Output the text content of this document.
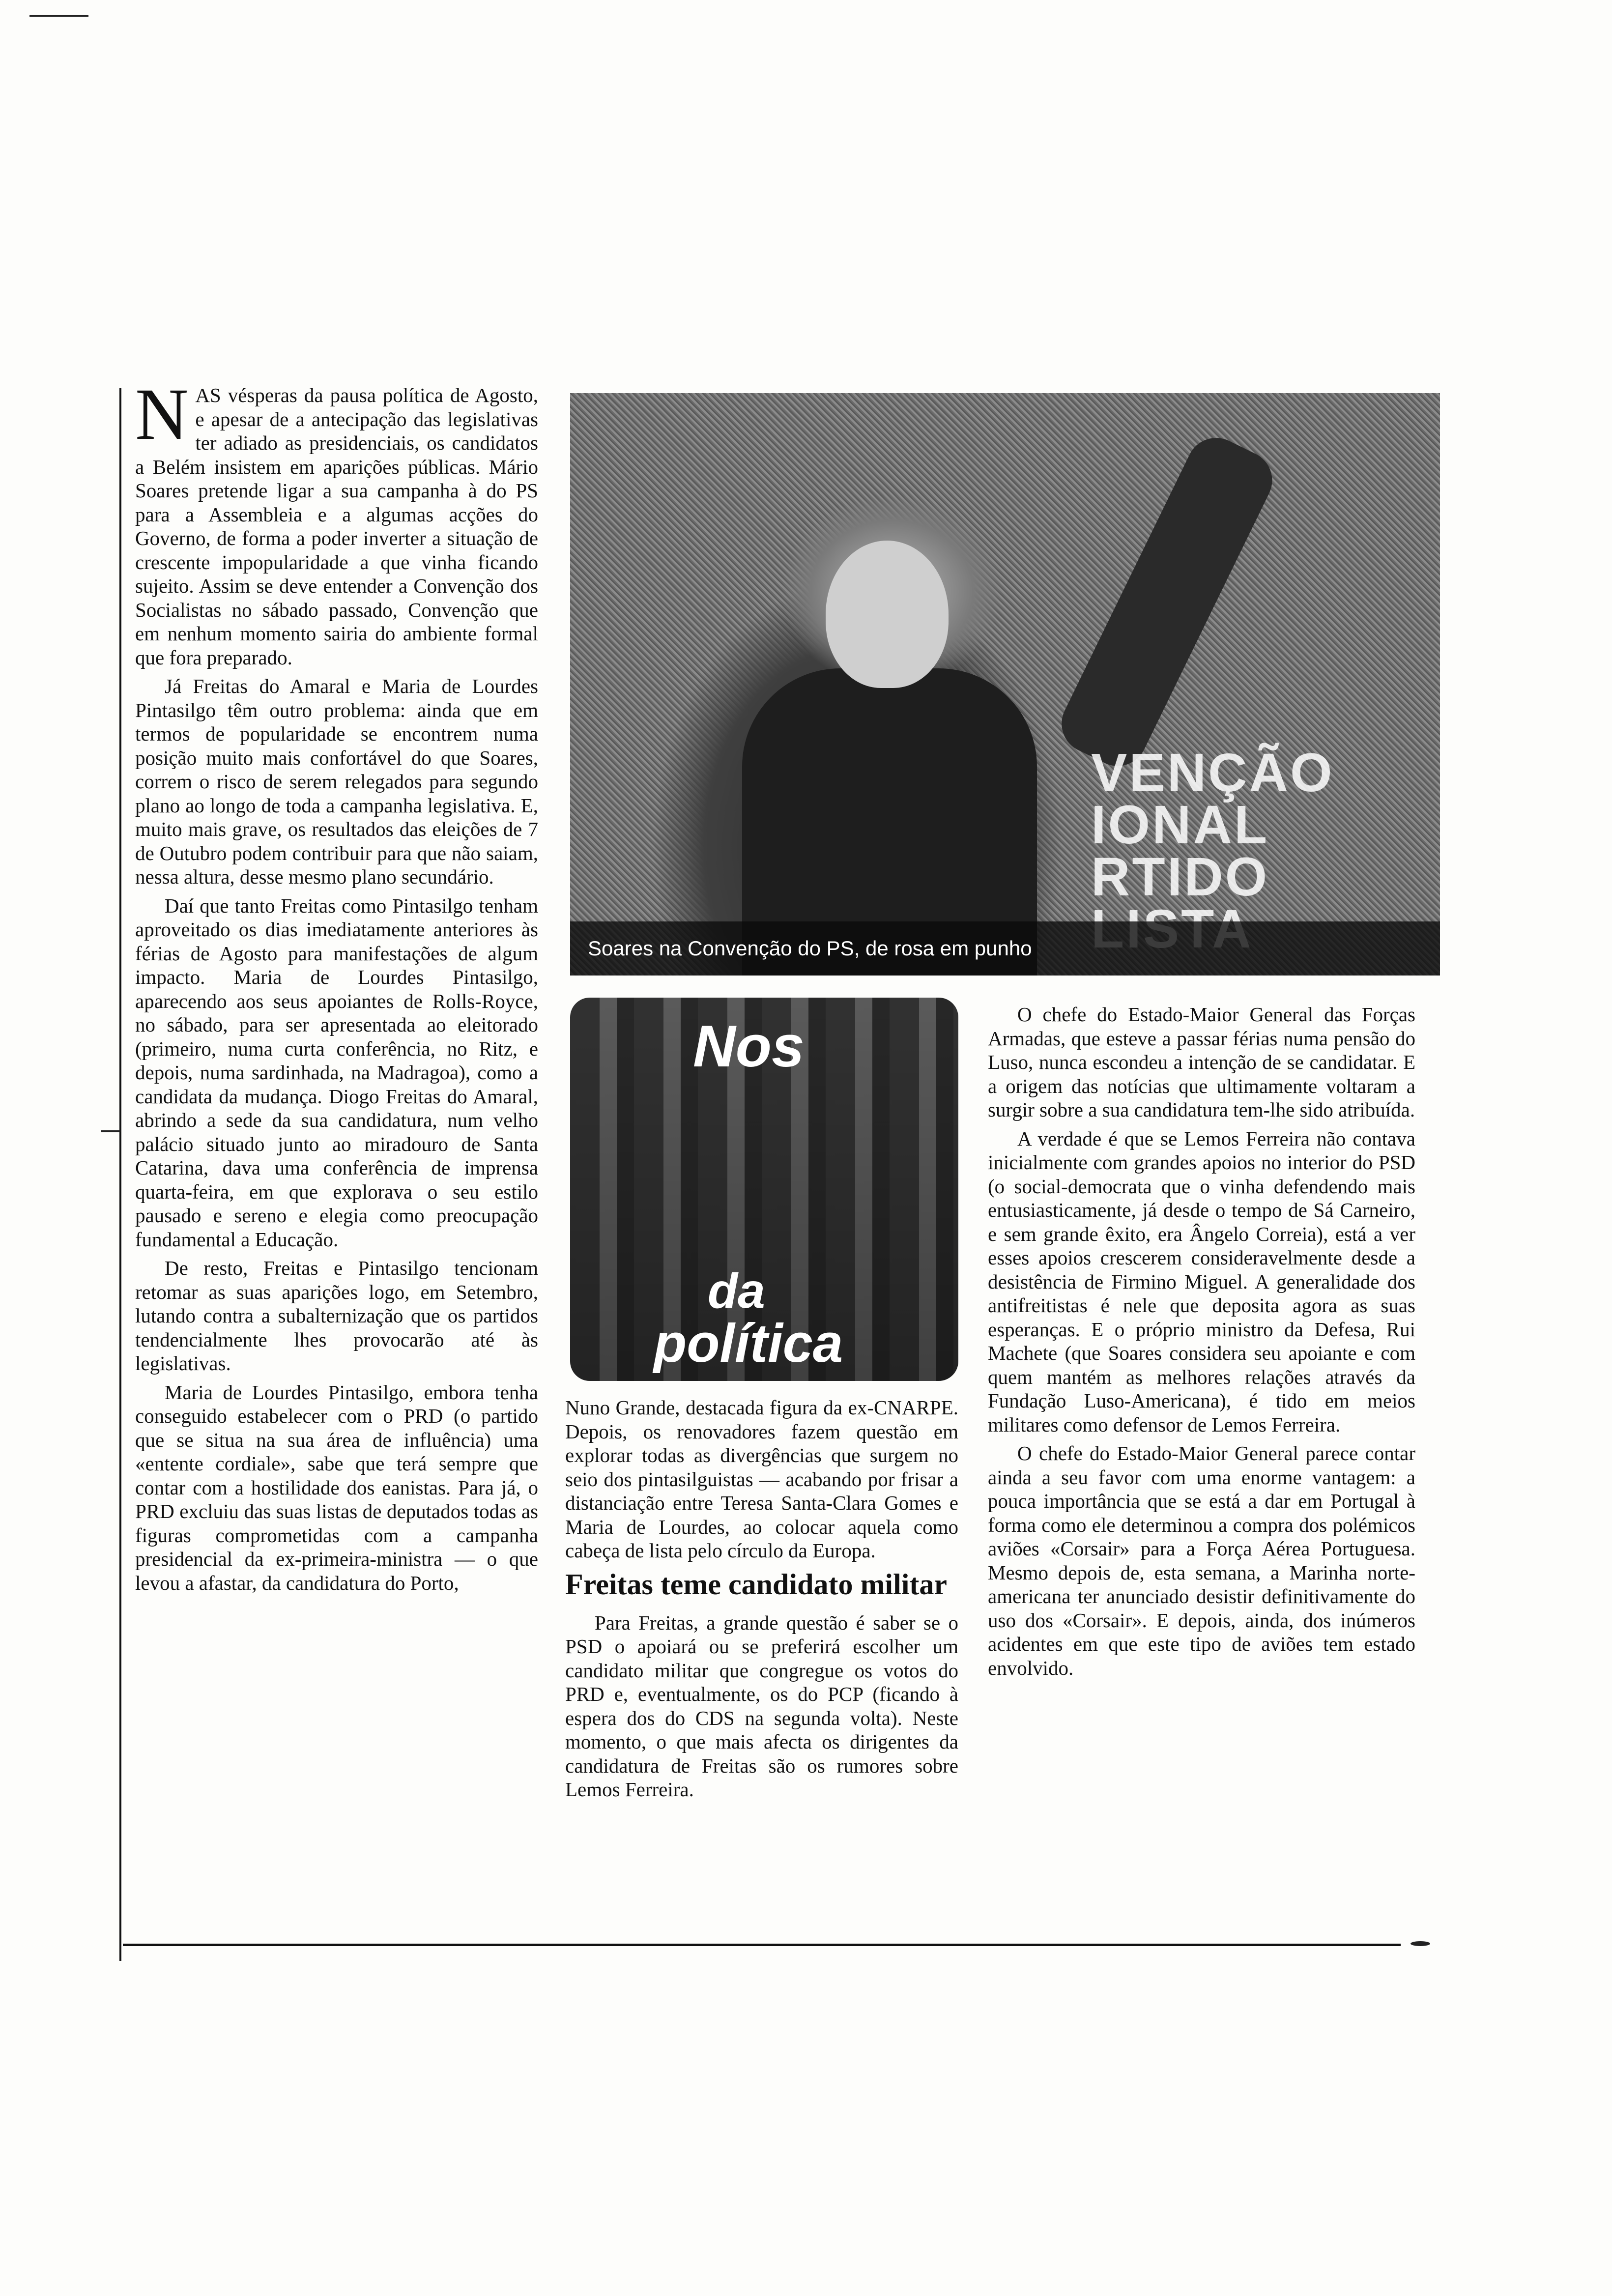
NAS vésperas da pausa política de Agosto, e apesar de a antecipação das legislativas ter adiado as presidenciais, os candidatos a Belém insistem em aparições públicas. Mário Soares pretende ligar a sua campanha à do PS para a Assembleia e a algumas acções do Governo, de forma a poder inverter a situação de crescente impopularidade a que vinha ficando sujeito. Assim se deve entender a Convenção dos Socialistas no sábado passado, Convenção que em nenhum momento sairia do ambiente formal que fora preparado.

Já Freitas do Amaral e Maria de Lourdes Pintasilgo têm outro problema: ainda que em termos de popularidade se encontrem numa posição muito mais confortável do que Soares, correm o risco de serem relegados para segundo plano ao longo de toda a campanha legislativa. E, muito mais grave, os resultados das eleições de 7 de Outubro podem contribuir para que não saiam, nessa altura, desse mesmo plano secundário.

Daí que tanto Freitas como Pintasilgo tenham aproveitado os dias imediatamente anteriores às férias de Agosto para manifestações de algum impacto. Maria de Lourdes Pintasilgo, aparecendo aos seus apoiantes de Rolls-Royce, no sábado, para ser apresentada ao eleitorado (primeiro, numa curta conferência, no Ritz, e depois, numa sardinhada, na Madragoa), como a candidata da mudança. Diogo Freitas do Amaral, abrindo a sede da sua candidatura, num velho palácio situado junto ao miradouro de Santa Catarina, dava uma conferência de imprensa quarta-feira, em que explorava o seu estilo pausado e sereno e elegia como preocupação fundamental a Educação.

De resto, Freitas e Pintasilgo tencionam retomar as suas aparições logo, em Setembro, lutando contra a subalternização que os partidos tendencialmente lhes provocarão até às legislativas.

Maria de Lourdes Pintasilgo, embora tenha conseguido estabelecer com o PRD (o partido que se situa na sua área de influência) uma «entente cordiale», sabe que terá sempre que contar com a hostilidade dos eanistas. Para já, o PRD excluiu das suas listas de deputados todas as figuras comprometidas com a campanha presidencial da ex-primeira-ministra — o que levou a afastar, da candidatura do Porto,

VENÇÃO
IONAL
RTIDO

Soares na Convenção do PS, de rosa em punho
Nos
da
política

Nuno Grande, destacada figura da ex-CNARPE. Depois, os renovadores fazem questão em explorar todas as divergências que surgem no seio dos pintasilguistas — acabando por frisar a distanciação entre Teresa Santa-Clara Gomes e Maria de Lourdes, ao colocar aquela como cabeça de lista pelo círculo da Europa.

Freitas teme candidato militar

Para Freitas, a grande questão é saber se o PSD o apoiará ou se preferirá escolher um candidato militar que congregue os votos do PRD e, eventualmente, os do PCP (ficando à espera dos do CDS na segunda volta). Neste momento, o que mais afecta os dirigentes da candidatura de Freitas são os rumores sobre Lemos Ferreira.

O chefe do Estado-Maior General das Forças Armadas, que esteve a passar férias numa pensão do Luso, nunca escondeu a intenção de se candidatar. E a origem das notícias que ultimamente voltaram a surgir sobre a sua candidatura tem-lhe sido atribuída.

A verdade é que se Lemos Ferreira não contava inicialmente com grandes apoios no interior do PSD (o social-democrata que o vinha defendendo mais entusiasticamente, já desde o tempo de Sá Carneiro, e sem grande êxito, era Ângelo Correia), está a ver esses apoios crescerem consideravelmente desde a desistência de Firmino Miguel. A generalidade dos antifreitistas é nele que deposita agora as suas esperanças. E o próprio ministro da Defesa, Rui Machete (que Soares considera seu apoiante e com quem mantém as melhores relações através da Fundação Luso-Americana), é tido em meios militares como defensor de Lemos Ferreira.

O chefe do Estado-Maior General parece contar ainda a seu favor com uma enorme vantagem: a pouca importância que se está a dar em Portugal à forma como ele determinou a compra dos polémicos aviões «Corsair» para a Força Aérea Portuguesa. Mesmo depois de, esta semana, a Marinha norte-americana ter anunciado desistir definitivamente do uso dos «Corsair». E depois, ainda, dos inúmeros acidentes em que este tipo de aviões tem estado envolvido.
